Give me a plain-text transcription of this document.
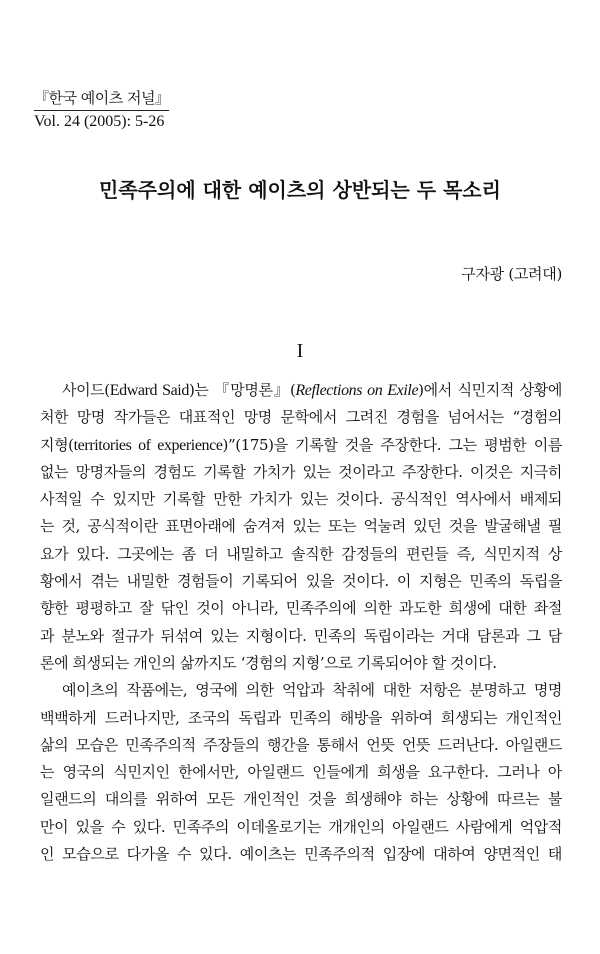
『한국 예이츠 저널』
Vol. 24 (2005): 5-26
민족주의에 대한 예이츠의 상반되는 두 목소리
구자광 (고려대)
I
사이드(Edward Said)는 『망명론』(Reflections on Exile)에서 식민지적 상황에
처한 망명 작가들은 대표적인 망명 문학에서 그려진 경험을 넘어서는 “경험의
지형(territories of experience)”(175)을 기록할 것을 주장한다. 그는 평범한 이름
없는 망명자들의 경험도 기록할 가치가 있는 것이라고 주장한다. 이것은 지극히
사적일 수 있지만 기록할 만한 가치가 있는 것이다. 공식적인 역사에서 배제되
는 것, 공식적이란 표면아래에 숨겨져 있는 또는 억눌려 있던 것을 발굴해낼 필
요가 있다. 그곳에는 좀 더 내밀하고 솔직한 감정들의 편린들 즉, 식민지적 상
황에서 겪는 내밀한 경험들이 기록되어 있을 것이다. 이 지형은 민족의 독립을
향한 평평하고 잘 닦인 것이 아니라, 민족주의에 의한 과도한 희생에 대한 좌절
과 분노와 절규가 뒤섞여 있는 지형이다. 민족의 독립이라는 거대 담론과 그 담
론에 희생되는 개인의 삶까지도 ‘경험의 지형’으로 기록되어야 할 것이다.
예이츠의 작품에는, 영국에 의한 억압과 착취에 대한 저항은 분명하고 명명
백백하게 드러나지만, 조국의 독립과 민족의 해방을 위하여 희생되는 개인적인
삶의 모습은 민족주의적 주장들의 행간을 통해서 언뜻 언뜻 드러난다. 아일랜드
는 영국의 식민지인 한에서만, 아일랜드 인들에게 희생을 요구한다. 그러나 아
일랜드의 대의를 위하여 모든 개인적인 것을 희생해야 하는 상황에 따르는 불
만이 있을 수 있다. 민족주의 이데올로기는 개개인의 아일랜드 사람에게 억압적
인 모습으로 다가올 수 있다. 예이츠는 민족주의적 입장에 대하여 양면적인 태
